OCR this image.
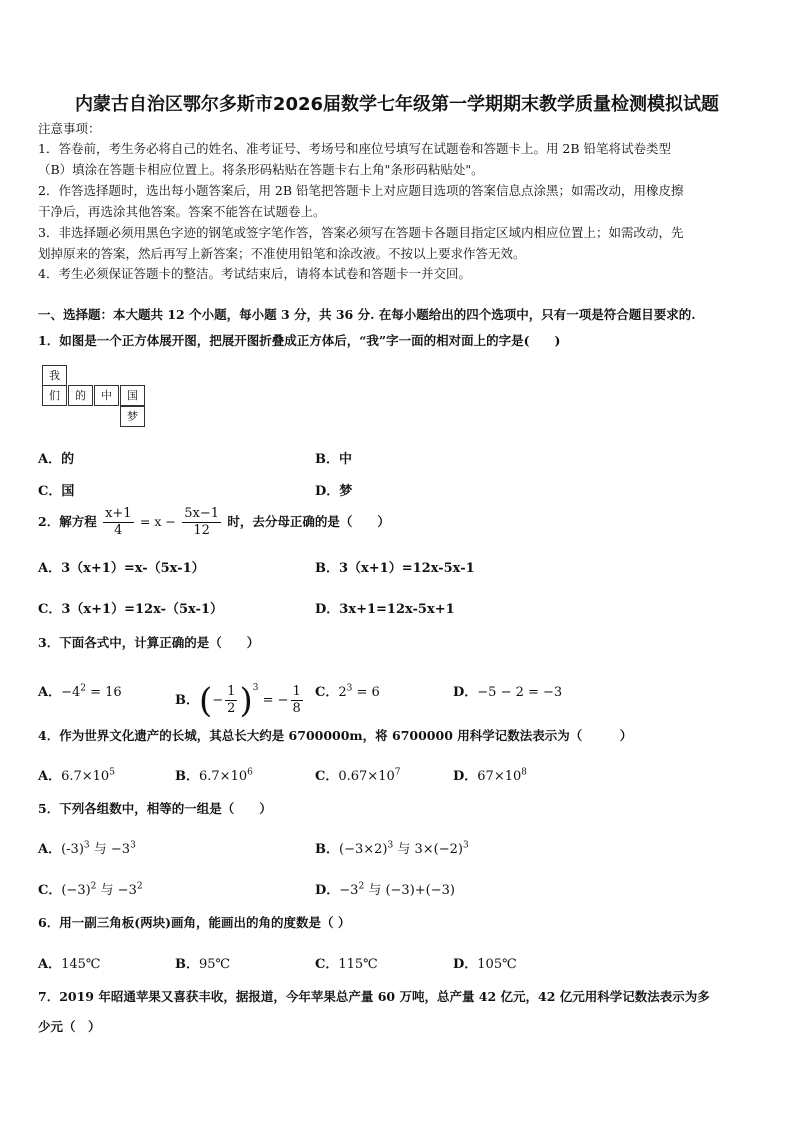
内蒙古自治区鄂尔多斯市2026届数学七年级第一学期期末教学质量检测模拟试题
注意事项：
1．答卷前，考生务必将自己的姓名、准考证号、考场号和座位号填写在试题卷和答题卡上。用 2B 铅笔将试卷类型
（B）填涂在答题卡相应位置上。将条形码粘贴在答题卡右上角"条形码粘贴处"。
2．作答选择题时，选出每小题答案后，用 2B 铅笔把答题卡上对应题目选项的答案信息点涂黑；如需改动，用橡皮擦
干净后，再选涂其他答案。答案不能答在试题卷上。
3．非选择题必须用黑色字迹的钢笔或签字笔作答，答案必须写在答题卡各题目指定区域内相应位置上；如需改动，先
划掉原来的答案，然后再写上新答案；不准使用铅笔和涂改液。不按以上要求作答无效。
4．考生必须保证答题卡的整洁。考试结束后，请将本试卷和答题卡一并交回。
一、选择题：本大题共 12 个小题，每小题 3 分，共 36 分. 在每小题给出的四个选项中，只有一项是符合题目要求的.
1．如图是一个正方体展开图，把展开图折叠成正方体后，“我”字一面的相对面上的字是(　　)
我
们	的	中	国
梦
A．的	B．中
C．国	D．梦
2．解方程 $\frac{x+1}{4} = x - \frac{5x-1}{12}$ 时，去分母正确的是（　　）
A．3（x+1）=x-（5x-1）	B．3（x+1）=12x-5x-1
C．3（x+1）=12x-（5x-1）	D．3x+1=12x-5x+1
3．下面各式中，计算正确的是（　　）
A．$-4^2 = 16$
B．(− $\frac{1}{2} )^3$ = − $\frac{1}{8}$ C．$2^3 = 6$	D．−5 − 2 = −3
4．作为世界文化遗产的长城，其总长大约是 6700000m，将 6700000 用科学记数法表示为（　　　）
A．$6.7\times 10^5$	B．$6.7\times 10^6$	C．$0.67\times 10^7$	D．$67\times 10^8$
5．下列各组数中，相等的一组是（　　）
A．$(-3)^3$ 与 $-3^3$	B．$(-3\times 2)^3$ 与 $3\times(-2)^3$
C．$(-3)^2$ 与 $-3^2$	D．$-3^2$ 与 (−3)+(−3)
6．用一副三角板(两块)画角，能画出的角的度数是（ ）
A．145℃	B．95℃	C．115℃	D．105℃
7．2019 年昭通苹果又喜获丰收，据报道，今年苹果总产量 60 万吨，总产量 42 亿元，42 亿元用科学记数法表示为多
少元（　）
